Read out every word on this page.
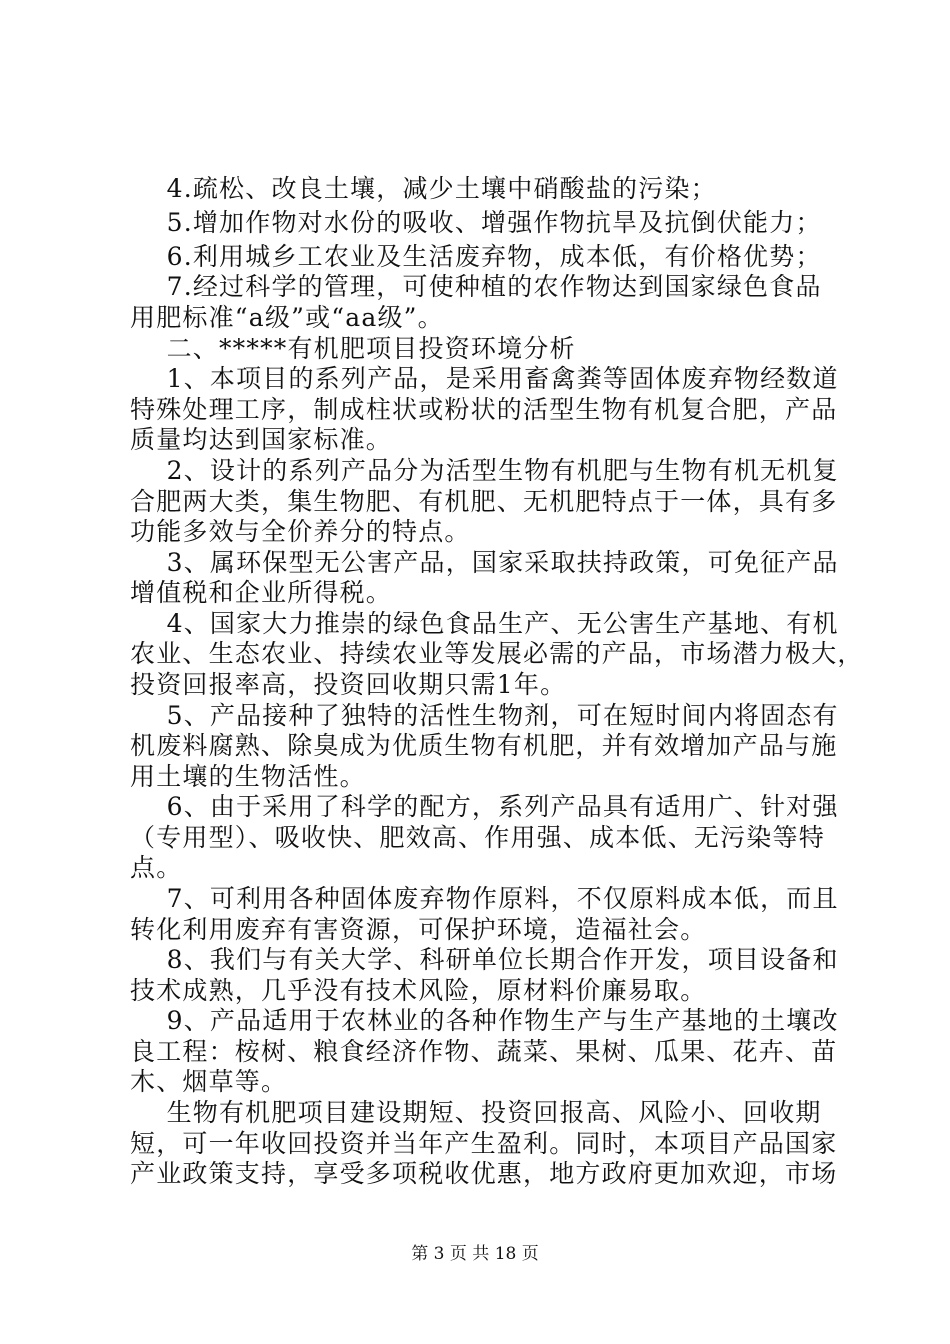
4.疏松、改良土壤，减少土壤中硝酸盐的污染；
5.增加作物对水份的吸收、增强作物抗旱及抗倒伏能力；
6.利用城乡工农业及生活废弃物，成本低，有价格优势；
7.经过科学的管理，可使种植的农作物达到国家绿色食品
用肥标准“a级”或“aa级”。
二、*****有机肥项目投资环境分析
1、本项目的系列产品，是采用畜禽粪等固体废弃物经数道
特殊处理工序，制成柱状或粉状的活型生物有机复合肥，产品
质量均达到国家标准。
2、设计的系列产品分为活型生物有机肥与生物有机无机复
合肥两大类，集生物肥、有机肥、无机肥特点于一体，具有多
功能多效与全价养分的特点。
3、属环保型无公害产品，国家采取扶持政策，可免征产品
增值税和企业所得税。
4、国家大力推崇的绿色食品生产、无公害生产基地、有机
农业、生态农业、持续农业等发展必需的产品，市场潜力极大，
投资回报率高，投资回收期只需1年。
5、产品接种了独特的活性生物剂，可在短时间内将固态有
机废料腐熟、除臭成为优质生物有机肥，并有效增加产品与施
用土壤的生物活性。
6、由于采用了科学的配方，系列产品具有适用广、针对强
（专用型）、吸收快、肥效高、作用强、成本低、无污染等特
点。
7、可利用各种固体废弃物作原料，不仅原料成本低，而且
转化利用废弃有害资源，可保护环境，造福社会。
8、我们与有关大学、科研单位长期合作开发，项目设备和
技术成熟，几乎没有技术风险，原材料价廉易取。
9、产品适用于农林业的各种作物生产与生产基地的土壤改
良工程：桉树、粮食经济作物、蔬菜、果树、瓜果、花卉、苗
木、烟草等。
生物有机肥项目建设期短、投资回报高、风险小、回收期
短，可一年收回投资并当年产生盈利。同时，本项目产品国家
产业政策支持，享受多项税收优惠，地方政府更加欢迎，市场
第 3 页 共 18 页
